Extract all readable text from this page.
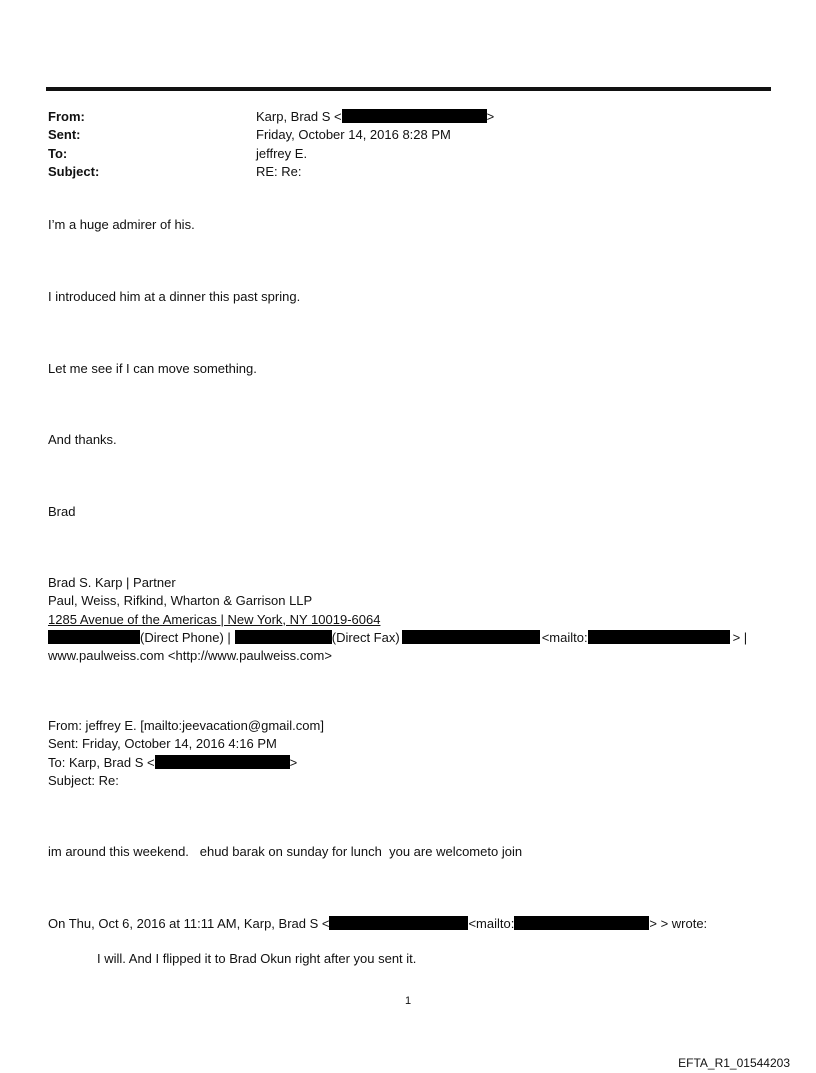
From:	Karp, Brad S <	>
Sent:	Friday, October 14, 2016 8:28 PM
To:	jeffrey E.
Subject:	RE: Re:
I’m a huge admirer of his.
I introduced him at a dinner this past spring.
Let me see if I can move something.
And thanks.
Brad
Brad S. Karp | Partner
Paul, Weiss, Rifkind, Wharton & Garrison LLP
1285 Avenue of the Americas | New York, NY 10019-6064
(Direct Phone) |	(Direct Fax)	<mailto:	> |
www.paulweiss.com <http://www.paulweiss.com>
From: jeffrey E. [mailto:jeevacation@gmail.com]
Sent: Friday, October 14, 2016 4:16 PM
To: Karp, Brad S <	>
Subject: Re:
im around this weekend.   ehud barak on sunday for lunch  you are welcometo join
On Thu, Oct 6, 2016 at 11:11 AM, Karp, Brad S <	<mailto:	> > wrote:
I will. And I flipped it to Brad Okun right after you sent it.
1
EFTA_R1_01544203
